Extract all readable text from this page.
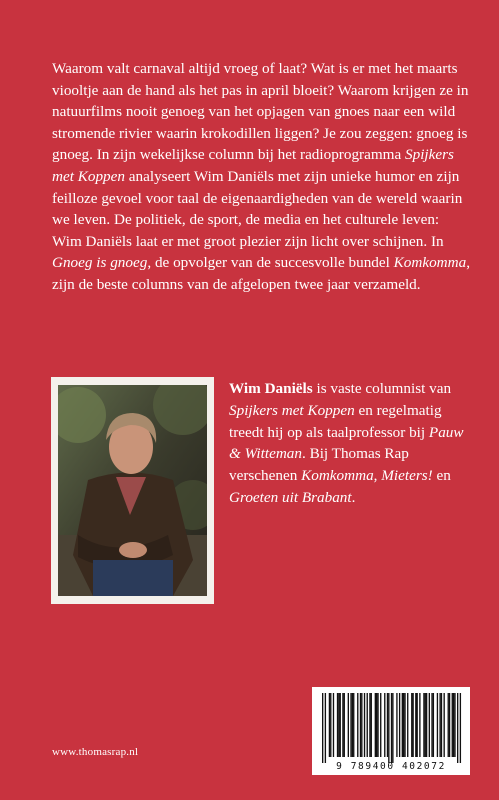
Waarom valt carnaval altijd vroeg of laat? Wat is er met het maarts viooltje aan de hand als het pas in april bloeit? Waarom krijgen ze in natuurfilms nooit genoeg van het opjagen van gnoes naar een wild stromende rivier waarin krokodillen liggen? Je zou zeggen: gnoeg is gnoeg. In zijn wekelijkse column bij het radioprogramma Spijkers met Koppen analyseert Wim Daniëls met zijn unieke humor en zijn feilloze gevoel voor taal de eigenaardigheden van de wereld waarin we leven. De politiek, de sport, de media en het culturele leven: Wim Daniëls laat er met groot plezier zijn licht over schijnen. In Gnoeg is gnoeg, de opvolger van de succesvolle bundel Komkomma, zijn de beste columns van de afgelopen twee jaar verzameld.

Wim Daniëls is vaste columnist van Spijkers met Koppen en regelmatig treedt hij op als taalprofessor bij Pauw & Witteman. Bij Thomas Rap verschenen Komkomma, Mieters! en Groeten uit Brabant.

www.thomasrap.nl
9 789400 402072
